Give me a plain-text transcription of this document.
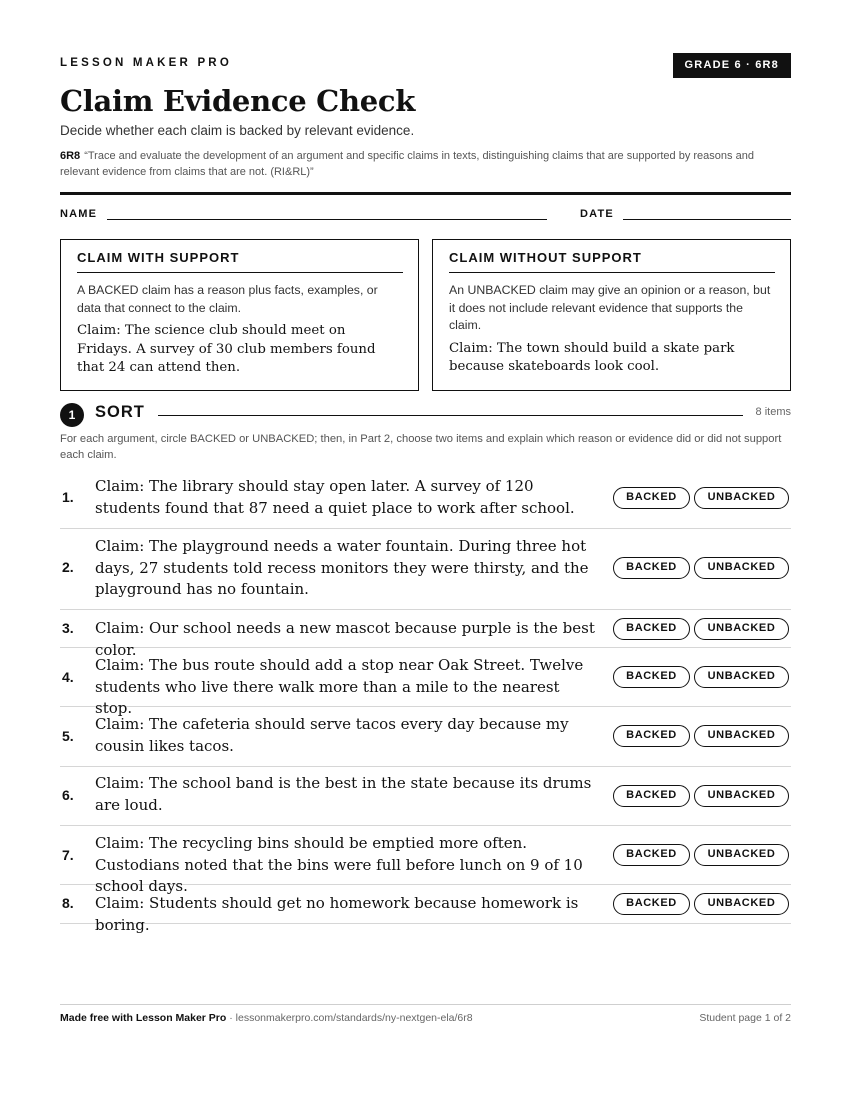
LESSON MAKER PRO	GRADE 6 · 6R8
Claim Evidence Check
Decide whether each claim is backed by relevant evidence.
6R8 “Trace and evaluate the development of an argument and specific claims in texts, distinguishing claims that are supported by reasons and relevant evidence from claims that are not. (RI&RL)”
NAME	DATE
CLAIM WITH SUPPORT
A BACKED claim has a reason plus facts, examples, or data that connect to the claim.
Claim: The science club should meet on Fridays. A survey of 30 club members found that 24 can attend then.
CLAIM WITHOUT SUPPORT
An UNBACKED claim may give an opinion or a reason, but it does not include relevant evidence that supports the claim.
Claim: The town should build a skate park because skateboards look cool.
1	SORT	8 items
For each argument, circle BACKED or UNBACKED; then, in Part 2, choose two items and explain which reason or evidence did or did not support each claim.
1.
Claim: The library should stay open later. A survey of 120 students found that 87 need a quiet place to work after school.
BACKED	UNBACKED
2.
Claim: The playground needs a water fountain. During three hot days, 27 students told recess monitors they were thirsty, and the playground has no fountain.
BACKED	UNBACKED
3. Claim: Our school needs a new mascot because purple is the best color.
BACKED	UNBACKED
4.
Claim: The bus route should add a stop near Oak Street. Twelve students who live there walk more than a mile to the nearest stop.
BACKED	UNBACKED
5.
Claim: The cafeteria should serve tacos every day because my cousin likes tacos.
BACKED	UNBACKED
6.
Claim: The school band is the best in the state because its drums are loud.
BACKED	UNBACKED
7.
Claim: The recycling bins should be emptied more often. Custodians noted that the bins were full before lunch on 9 of 10 school days.
BACKED	UNBACKED
8. Claim: Students should get no homework because homework is boring.
BACKED	UNBACKED
Made free with Lesson Maker Pro · lessonmakerpro.com/standards/ny-nextgen-ela/6r8	Student page 1 of 2
